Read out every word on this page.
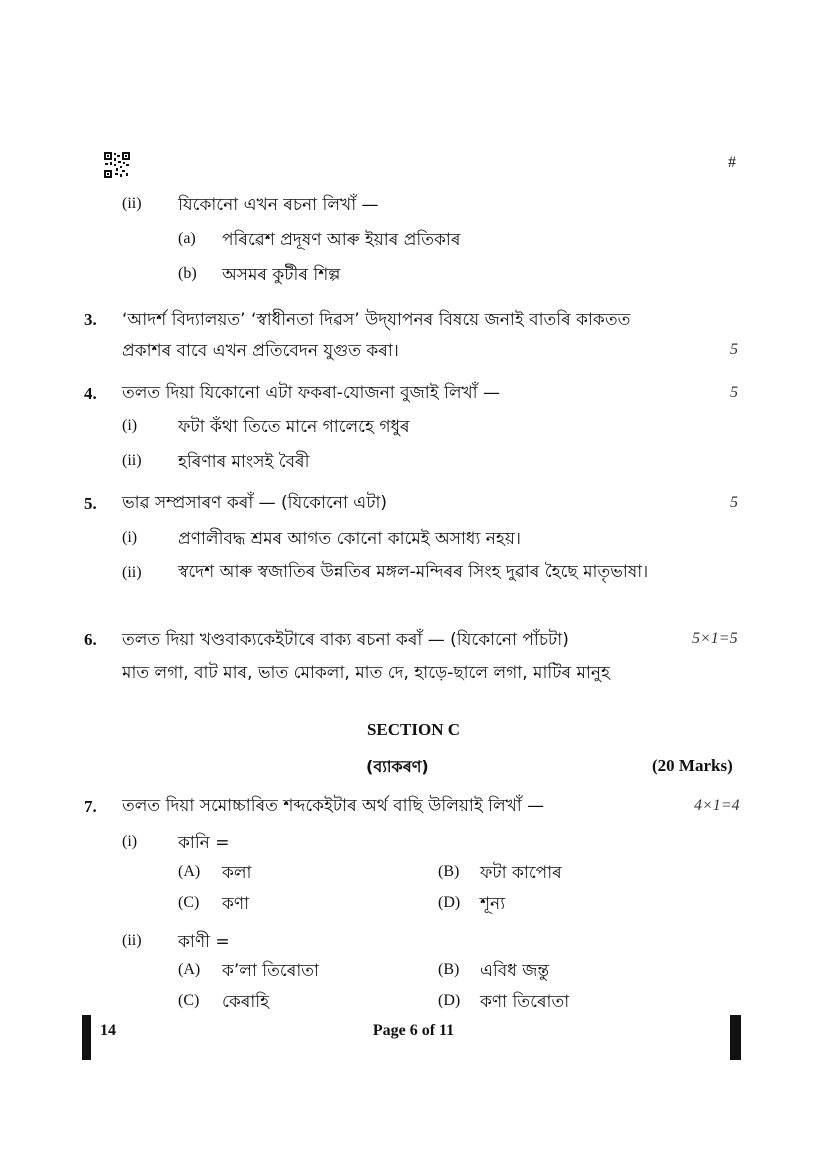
#
(ii) যিকোনো এখন ৰচনা লিখাঁ —
(a) পৰিৱেশ প্ৰদূষণ আৰু ইয়াৰ প্ৰতিকাৰ
(b) অসমৰ কুটীৰ শিল্প
3. ‘আদৰ্শ বিদ্যালয়ত’ ‘স্বাধীনতা দিৱস’ উদ্‌যাপনৰ বিষয়ে জনাই বাতৰি কাকতত
প্ৰকাশৰ বাবে এখন প্ৰতিবেদন যুগুত কৰা।	5
4. তলত দিয়া যিকোনো এটা ফকৰা-যোজনা বুজাই লিখাঁ —	5
(i) ফটা কঁথা তিতে মানে গালেহে গধুৰ
(ii) হৰিণাৰ মাংসই বৈৰী
5. ভাৱ সম্প্ৰসাৰণ কৰাঁ — (যিকোনো এটা)	5
(i) প্ৰণালীবদ্ধ শ্ৰমৰ আগত কোনো কামেই অসাধ্য নহয়।
(ii) স্বদেশ আৰু স্বজাতিৰ উন্নতিৰ মঙ্গল-মন্দিৰৰ সিংহ দুৱাৰ হৈছে মাতৃভাষা।
6. তলত দিয়া খণ্ডবাক্যকেইটাৰে বাক্য ৰচনা কৰাঁ — (যিকোনো পাঁচটা)	5×1=5
মাত লগা, বাট মাৰ, ভাত মোকলা, মাত দে, হাড়ে-ছালে লগা, মাটিৰ মানুহ
SECTION C
(ব্যাকৰণ)	(20 Marks)
7. তলত দিয়া সমোচ্চাৰিত শব্দকেইটাৰ অৰ্থ বাছি উলিয়াই লিখাঁ —	4×1=4
(i) কানি =
(A) কলা	(B) ফটা কাপোৰ
(C) কণা	(D) শূন্য
(ii) কাণী =
(A) ক’লা তিৰোতা	(B) এবিধ জন্তু
(C) কেৰাহি	(D) কণা তিৰোতা
14	Page 6 of 11
